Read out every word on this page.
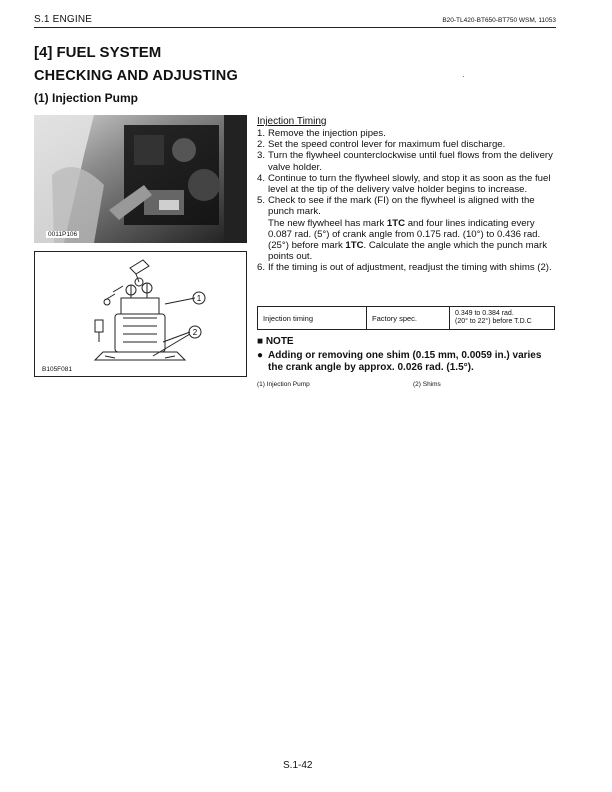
S.1 ENGINE	B20-TL420-BT650-BT750 WSM, 11053
[4] FUEL SYSTEM
CHECKING AND ADJUSTING
(1) Injection Pump
0011P106
1
2
B105F081
Injection Timing
1. Remove the injection pipes.
2. Set the speed control lever for maximum fuel discharge.
3. Turn the flywheel counterclockwise until fuel flows from the delivery valve holder.
4. Continue to turn the flywheel slowly, and stop it as soon as the fuel level at the tip of the delivery valve holder begins to increase.
5. Check to see if the mark (FI) on the flywheel is aligned with the punch mark.
The new flywheel has mark 1TC and four lines indicating every 0.087 rad. (5°) of crank angle from 0.175 rad. (10°) to 0.436 rad. (25°) before mark 1TC. Calculate the angle which the punch mark points out.
6. If the timing is out of adjustment, readjust the timing with shims (2).
Injection timing	Factory spec.	0.349 to 0.384 rad.
(20° to 22°) before T.D.C
■ NOTE
● Adding or removing one shim (0.15 mm, 0.0059 in.) varies the crank angle by approx. 0.026 rad. (1.5°).
(1) Injection Pump	(2) Shims
S.1-42
